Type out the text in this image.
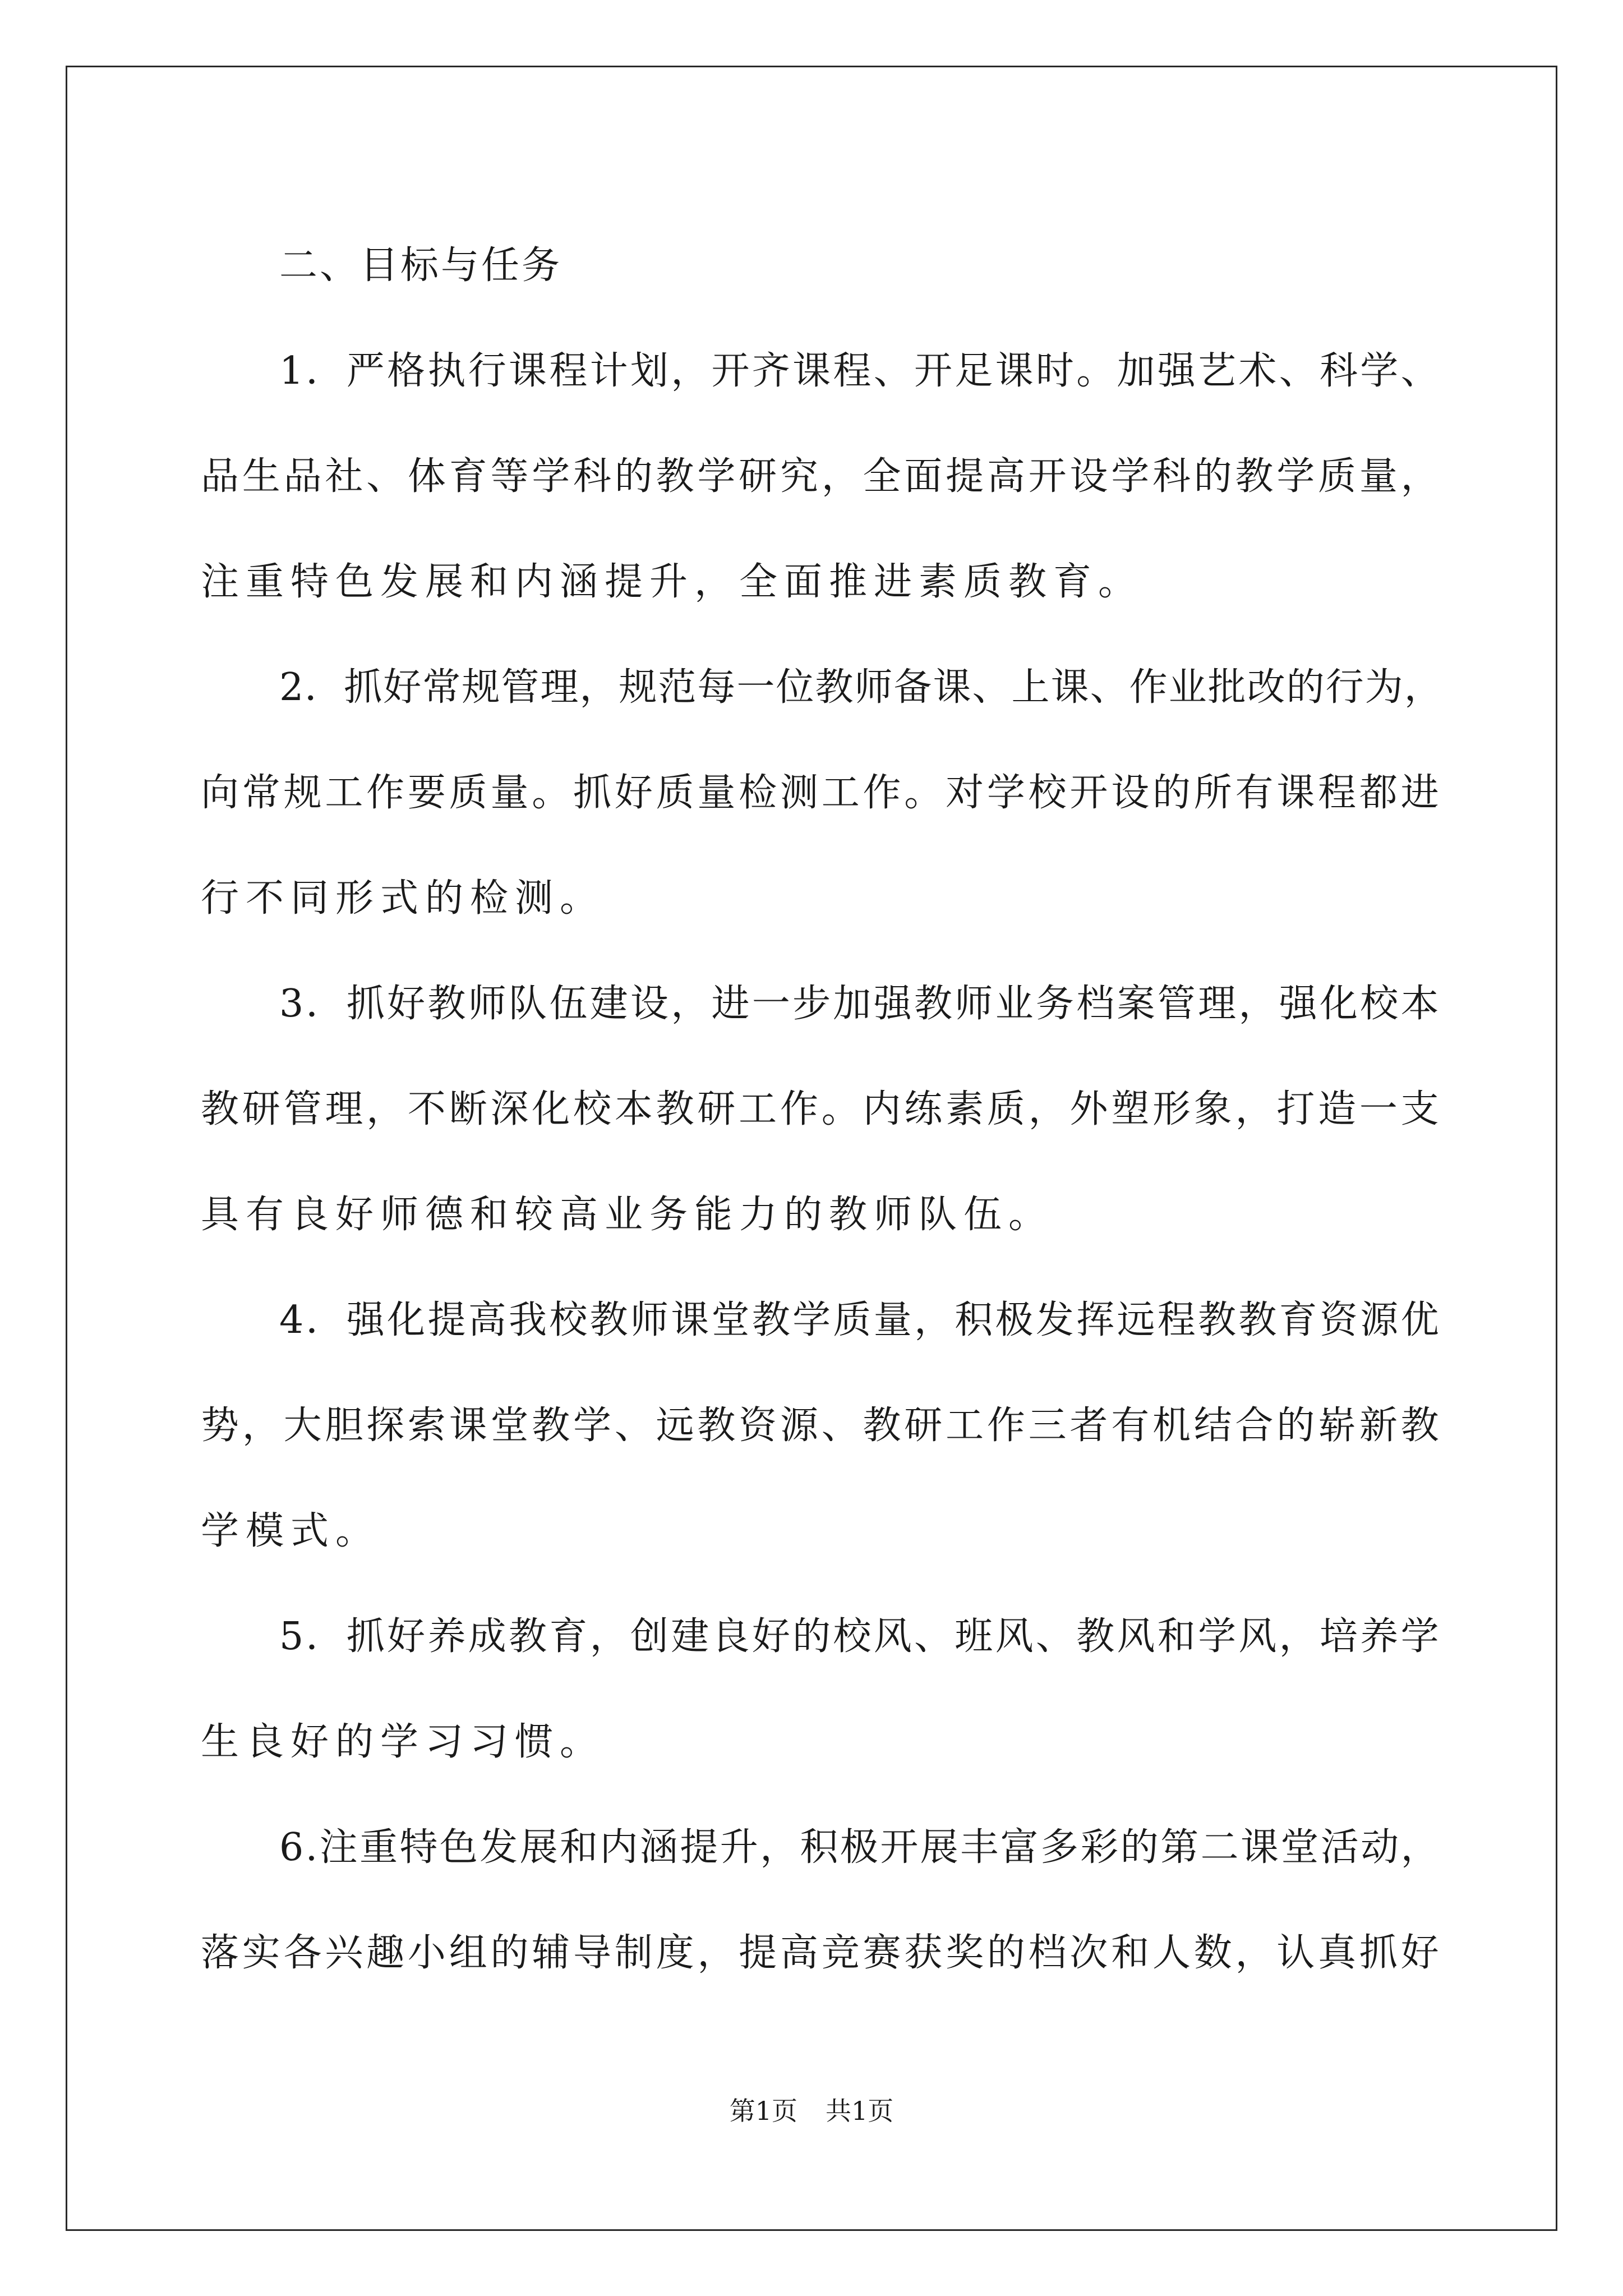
二、目标与任务

1 ． 严 格 执 行 课 程 计 划 ， 开 齐 课 程 、 开 足 课 时 。 加 强 艺 术 、 科 学 、
品 生 品 社 、 体 育 等 学 科 的 教 学 研 究 ， 全 面 提 高 开 设 学 科 的 教 学 质 量 ，
注重特色发展和内涵提升，全面推进素质教育。
2 ． 抓 好 常 规 管 理 ， 规 范 每 一 位 教 师 备 课 、 上 课 、 作 业 批 改 的 行 为 ，
向 常 规 工 作 要 质 量 。 抓 好 质 量 检 测 工 作 。 对 学 校 开 设 的 所 有 课 程 都 进
行不同形式的检测。
3 ． 抓 好 教 师 队 伍 建 设 ， 进 一 步 加 强 教 师 业 务 档 案 管 理 ， 强 化 校 本
教 研 管 理 ， 不 断 深 化 校 本 教 研 工 作 。 内 练 素 质 ， 外 塑 形 象 ， 打 造 一 支
具有良好师德和较高业务能力的教师队伍。
4 ． 强 化 提 高 我 校 教 师 课 堂 教 学 质 量 ， 积 极 发 挥 远 程 教 教 育 资 源 优
势 ， 大 胆 探 索 课 堂 教 学 、 远 教 资 源 、 教 研 工 作 三 者 有 机 结 合 的 崭 新 教
学模式。
5 ． 抓 好 养 成 教 育 ， 创 建 良 好 的 校 风 、 班 风 、 教 风 和 学 风 ， 培 养 学
生良好的学习习惯。
6 . 注 重 特 色 发 展 和 内 涵 提 升 ， 积 极 开 展 丰 富 多 彩 的 第 二 课 堂 活 动 ，
落 实 各 兴 趣 小 组 的 辅 导 制 度 ， 提 高 竞 赛 获 奖 的 档 次 和 人 数 ， 认 真 抓 好
第1页 共1页
